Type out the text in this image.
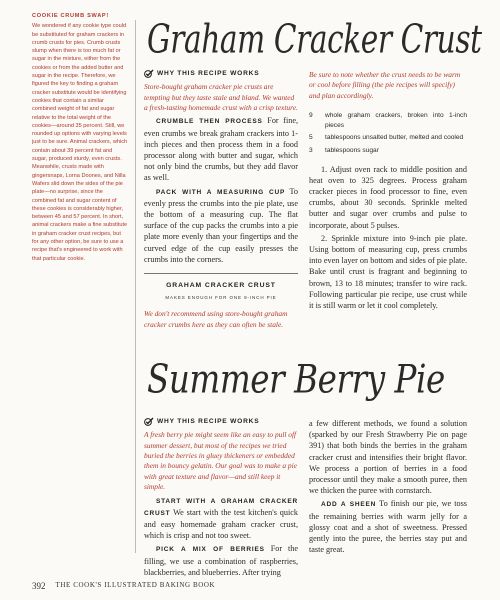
COOKIE CRUMB SWAP!

We wondered if any cookie type could be substituted for graham crackers in crumb crusts for pies. Crumb crusts slump when there is too much fat or sugar in the mixture, either from the cookies or from the added butter and sugar in the recipe. Therefore, we figured the key to finding a graham cracker substitute would be identifying cookies that contain a similar combined weight of fat and sugar relative to the total weight of the cookies—around 35 percent. Still, we rounded up options with varying levels just to be sure. Animal crackers, which contain about 39 percent fat and sugar, produced sturdy, even crusts. Meanwhile, crusts made with gingersnaps, Lorna Doones, and Nilla Wafers slid down the sides of the pie plate—no surprise, since the combined fat and sugar content of these cookies is considerably higher, between 45 and 57 percent. In short, animal crackers make a fine substitute in graham cracker crust recipes, but for any other option, be sure to use a recipe that's engineered to work with that particular cookie.

Graham Cracker Crust
WHY THIS RECIPE WORKS

Store-bought graham cracker pie crusts are tempting but they taste stale and bland. We wanted a fresh-tasting homemade crust with a crisp texture.

CRUMBLE THEN PROCESS For fine, even crumbs we break graham crackers into 1-inch pieces and then process them in a food processor along with butter and sugar, which not only bind the crumbs, but they add flavor as well.

PACK WITH A MEASURING CUP To evenly press the crumbs into the pie plate, use the bottom of a measuring cup. The flat surface of the cup packs the crumbs into a pie plate more evenly than your fingertips and the curved edge of the cup easily presses the crumbs into the corners.

GRAHAM CRACKER CRUST
MAKES ENOUGH FOR ONE 9-INCH PIE

We don't recommend using store-bought graham cracker crumbs here as they can often be stale.

Be sure to note whether the crust needs to be warm or cool before filling (the pie recipes will specify) and plan accordingly.

9	whole graham crackers, broken into 1-inch pieces
5	tablespoons unsalted butter, melted and cooled
3	tablespoons sugar

1. Adjust oven rack to middle position and heat oven to 325 degrees. Process graham cracker pieces in food processor to fine, even crumbs, about 30 seconds. Sprinkle melted butter and sugar over crumbs and pulse to incorporate, about 5 pulses.

2. Sprinkle mixture into 9-inch pie plate. Using bottom of measuring cup, press crumbs into even layer on bottom and sides of pie plate. Bake until crust is fragrant and beginning to brown, 13 to 18 minutes; transfer to wire rack. Following particular pie recipe, use crust while it is still warm or let it cool completely.

Summer Berry Pie
WHY THIS RECIPE WORKS

A fresh berry pie might seem like an easy to pull off summer dessert, but most of the recipes we tried buried the berries in gluey thickeners or embedded them in bouncy gelatin. Our goal was to make a pie with great texture and flavor—and still keep it simple.

START WITH A GRAHAM CRACKER CRUST We start with the test kitchen's quick and easy homemade graham cracker crust, which is crisp and not too sweet.

PICK A MIX OF BERRIES For the filling, we use a combination of raspberries, blackberries, and blueberries. After trying

a few different methods, we found a solution (sparked by our Fresh Strawberry Pie on page 391) that both binds the berries in the graham cracker crust and intensifies their bright flavor. We process a portion of berries in a food processor until they make a smooth puree, then we thicken the puree with cornstarch.

ADD A SHEEN To finish our pie, we toss the remaining berries with warm jelly for a glossy coat and a shot of sweetness. Pressed gently into the puree, the berries stay put and taste great.

392 THE COOK'S ILLUSTRATED BAKING BOOK
